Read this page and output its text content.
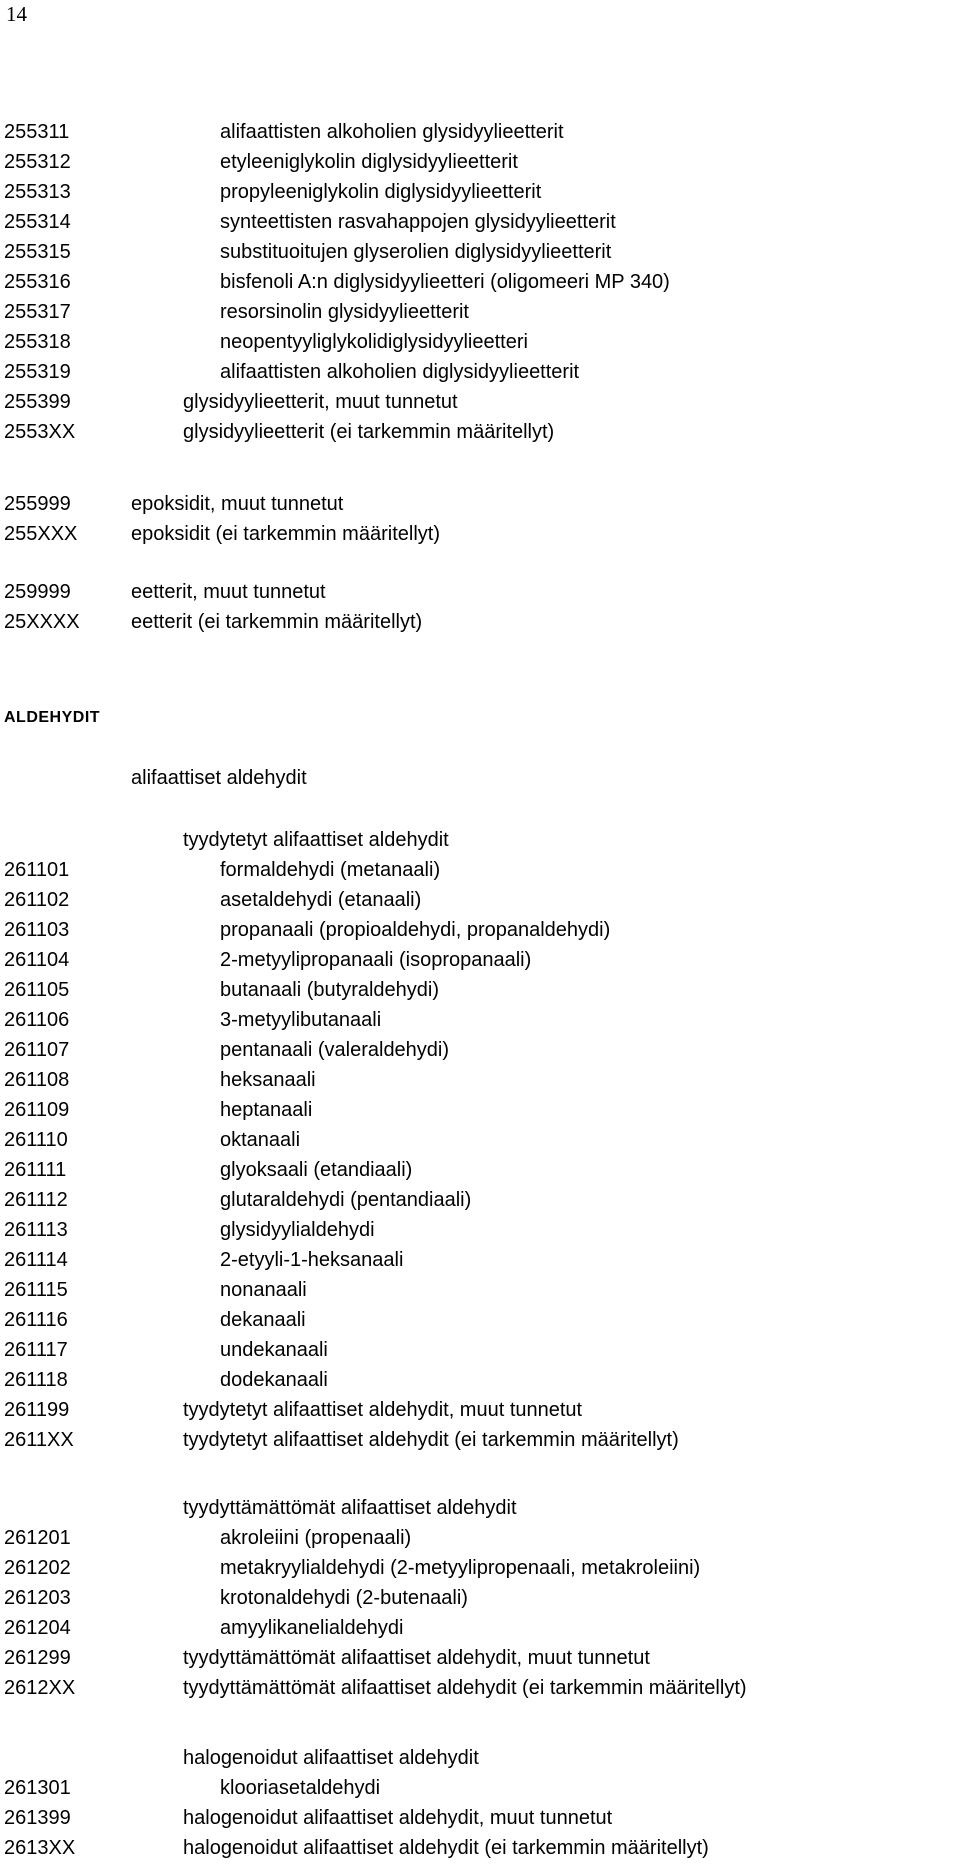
14
255311	alifaattisten alkoholien glysidyylieetterit
255312	etyleeniglykolin diglysidyylieetterit
255313	propyleeniglykolin diglysidyylieetterit
255314	synteettisten rasvahappojen glysidyylieetterit
255315	substituoitujen glyserolien diglysidyylieetterit
255316	bisfenoli A:n diglysidyylieetteri (oligomeeri MP 340)
255317	resorsinolin glysidyylieetterit
255318	neopentyyliglykolidiglysidyylieetteri
255319	alifaattisten alkoholien diglysidyylieetterit
255399	glysidyylieetterit, muut tunnetut
2553XX	glysidyylieetterit (ei tarkemmin määritellyt)
255999	epoksidit, muut tunnetut
255XXX	epoksidit (ei tarkemmin määritellyt)
259999	eetterit, muut tunnetut
25XXXX	eetterit (ei tarkemmin määritellyt)
ALDEHYDIT
alifaattiset aldehydit
tyydytetyt alifaattiset aldehydit
261101	formaldehydi (metanaali)
261102	asetaldehydi (etanaali)
261103	propanaali (propioaldehydi, propanaldehydi)
261104	2-metyylipropanaali (isopropanaali)
261105	butanaali (butyraldehydi)
261106	3-metyylibutanaali
261107	pentanaali (valeraldehydi)
261108	heksanaali
261109	heptanaali
261110	oktanaali
261111	glyoksaali (etandiaali)
261112	glutaraldehydi (pentandiaali)
261113	glysidyylialdehydi
261114	2-etyyli-1-heksanaali
261115	nonanaali
261116	dekanaali
261117	undekanaali
261118	dodekanaali
261199	tyydytetyt alifaattiset aldehydit, muut tunnetut
2611XX	tyydytetyt alifaattiset aldehydit (ei tarkemmin määritellyt)
tyydyttämättömät alifaattiset aldehydit
261201	akroleiini (propenaali)
261202	metakryylialdehydi (2-metyylipropenaali, metakroleiini)
261203	krotonaldehydi (2-butenaali)
261204	amyylikanelialdehydi
261299	tyydyttämättömät alifaattiset aldehydit, muut tunnetut
2612XX	tyydyttämättömät alifaattiset aldehydit (ei tarkemmin määritellyt)
halogenoidut alifaattiset aldehydit
261301	klooriasetaldehydi
261399	halogenoidut alifaattiset aldehydit, muut tunnetut
2613XX	halogenoidut alifaattiset aldehydit (ei tarkemmin määritellyt)
